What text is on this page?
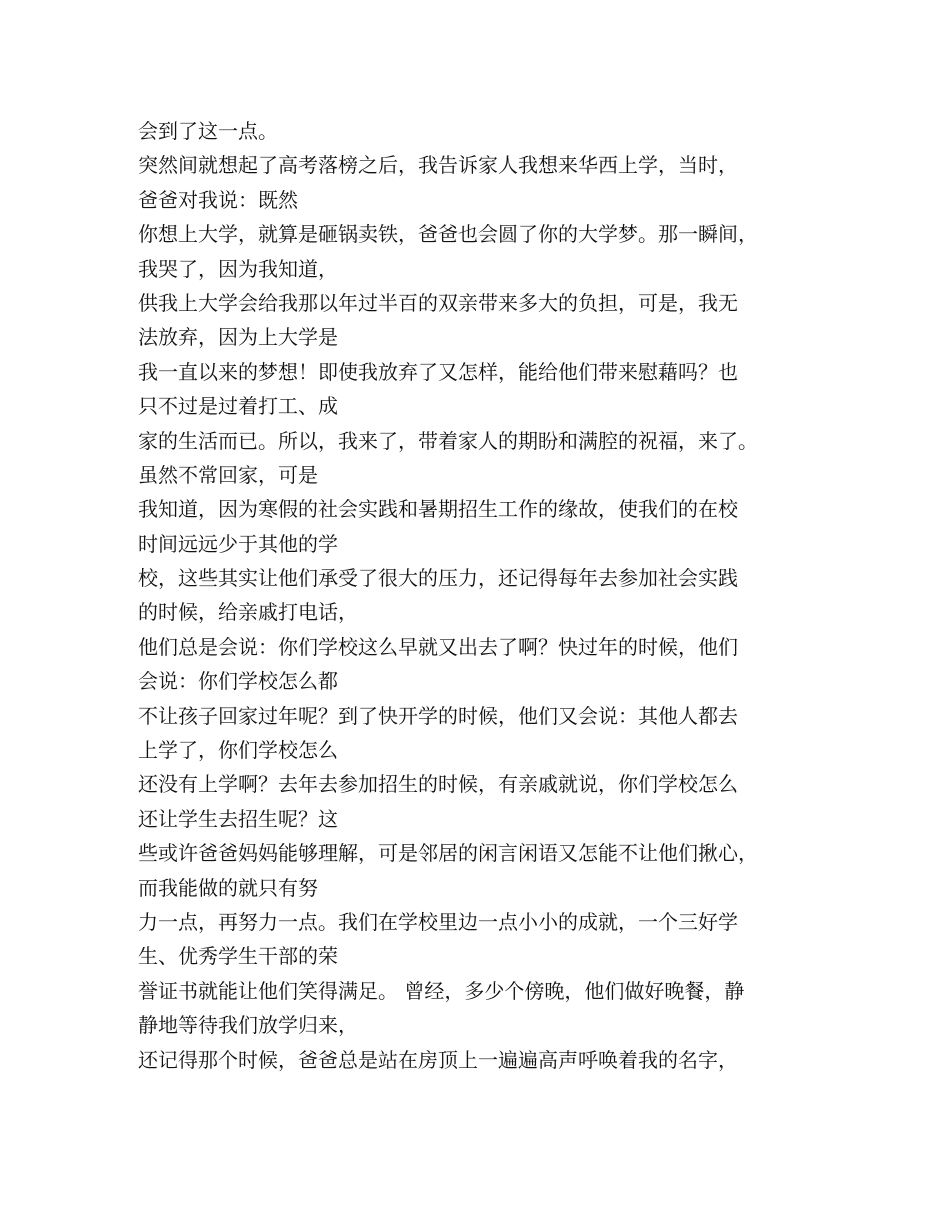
会到了这一点。
突然间就想起了高考落榜之后，我告诉家人我想来华西上学，当时，
爸爸对我说：既然
你想上大学，就算是砸锅卖铁，爸爸也会圆了你的大学梦。那一瞬间，
我哭了，因为我知道，
供我上大学会给我那以年过半百的双亲带来多大的负担，可是，我无
法放弃，因为上大学是
我一直以来的梦想！即使我放弃了又怎样，能给他们带来慰藉吗？也
只不过是过着打工、成
家的生活而已。所以，我来了，带着家人的期盼和满腔的祝福，来了。
虽然不常回家，可是
我知道，因为寒假的社会实践和暑期招生工作的缘故，使我们的在校
时间远远少于其他的学
校，这些其实让他们承受了很大的压力，还记得每年去参加社会实践
的时候，给亲戚打电话，
他们总是会说：你们学校这么早就又出去了啊？快过年的时候，他们
会说：你们学校怎么都
不让孩子回家过年呢？到了快开学的时候，他们又会说：其他人都去
上学了，你们学校怎么
还没有上学啊？去年去参加招生的时候，有亲戚就说，你们学校怎么
还让学生去招生呢？这
些或许爸爸妈妈能够理解，可是邻居的闲言闲语又怎能不让他们揪心，
而我能做的就只有努
力一点，再努力一点。我们在学校里边一点小小的成就，一个三好学
生、优秀学生干部的荣
誉证书就能让他们笑得满足。 曾经，多少个傍晚，他们做好晚餐，静
静地等待我们放学归来，
还记得那个时候，爸爸总是站在房顶上一遍遍高声呼唤着我的名字，
